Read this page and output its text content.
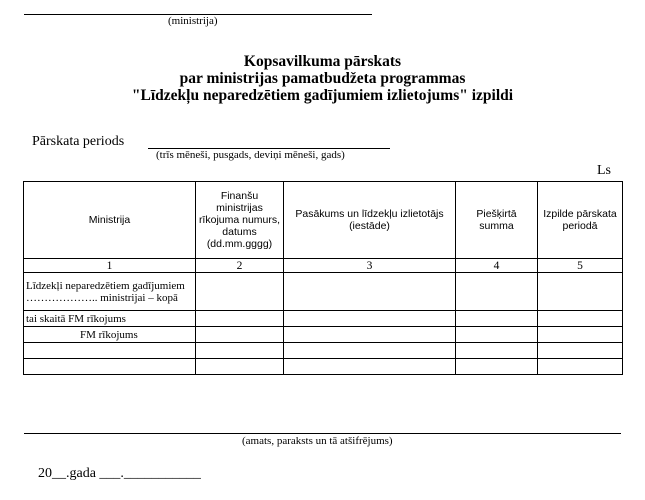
(ministrija)
Kopsavilkuma pārskats
par ministrijas pamatbudžeta programmas
"Līdzekļu neparedzētiem gadījumiem izlietojums" izpildi
Pārskata periods
(trīs mēneši, pusgads, deviņi mēneši, gads)
Ls
Ministrija	Finanšu ministrijas rīkojuma numurs, datums (dd.mm.gggg)	Pasākums un līdzekļu izlietotājs (iestāde)	Piešķirtā summa	Izpilde pārskata periodā
1	2	3	4	5
Līdzekļi neparedzētiem gadījumiem ……………….. ministrijai – kopā				
tai skaitā FM rīkojums				
FM rīkojums				

(amats, paraksts un tā atšifrējums)
20__.gada ___.___________
